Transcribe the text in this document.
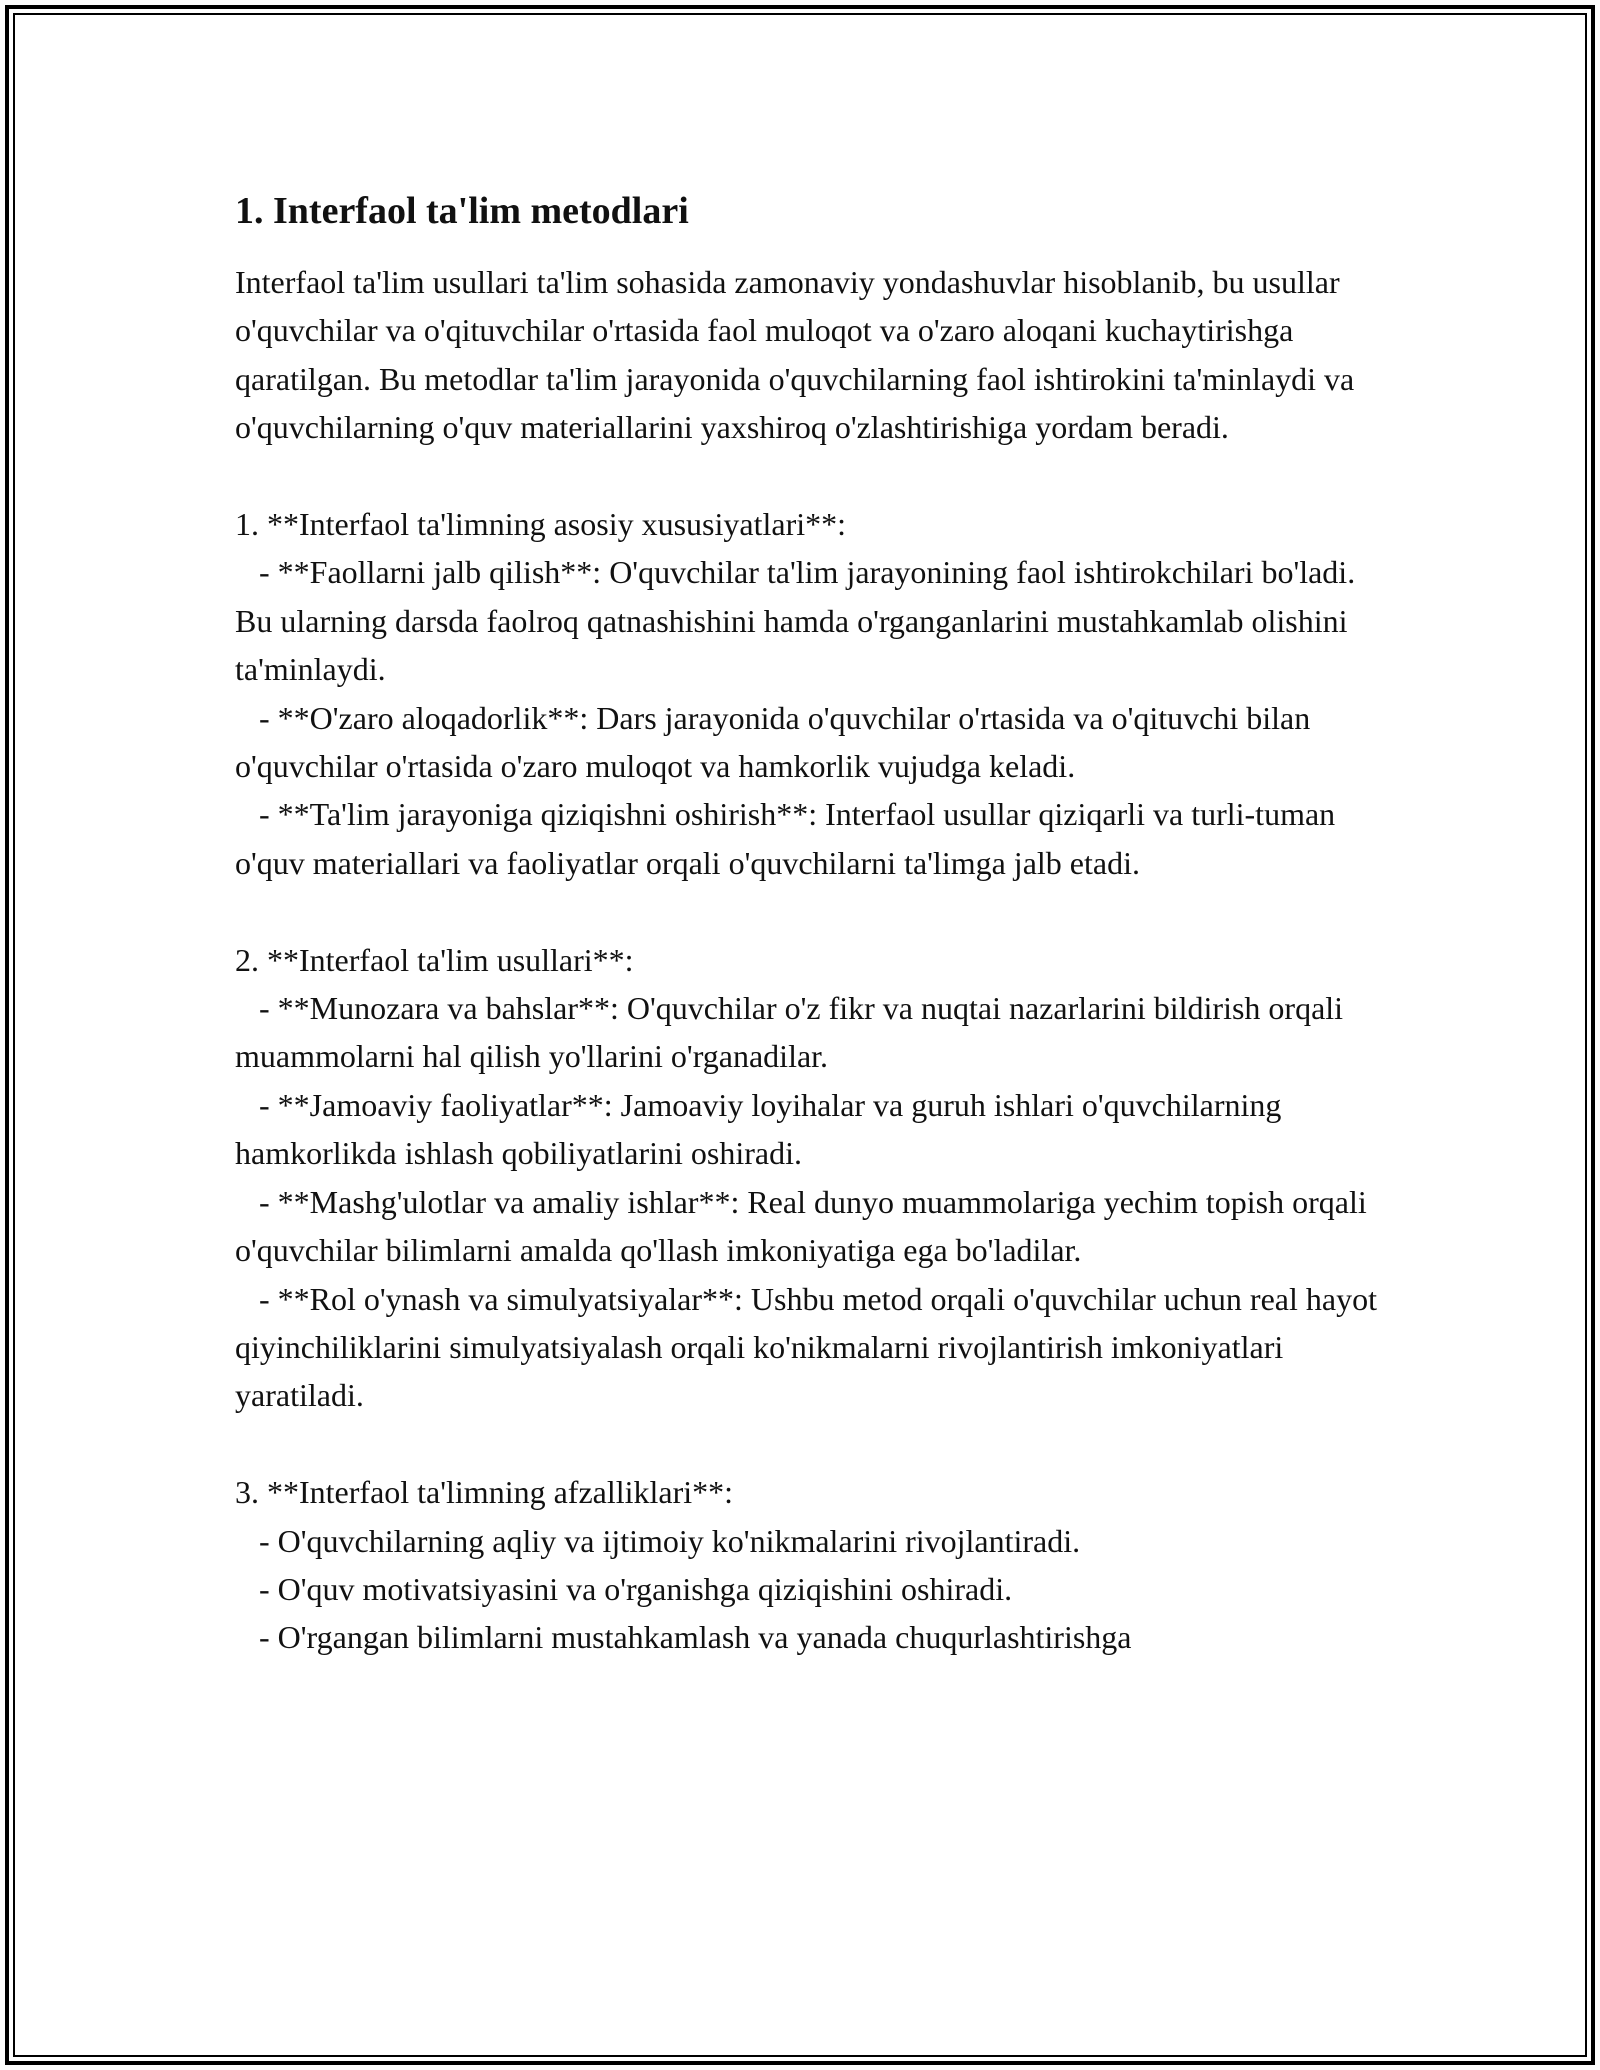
1. Interfaol ta'lim metodlari

Interfaol ta'lim usullari ta'lim sohasida zamonaviy yondashuvlar hisoblanib, bu usullar o'quvchilar va o'qituvchilar o'rtasida faol muloqot va o'zaro aloqani kuchaytirishga qaratilgan. Bu metodlar ta'lim jarayonida o'quvchilarning faol ishtirokini ta'minlaydi va o'quvchilarning o'quv materiallarini yaxshiroq o'zlashtirishiga yordam beradi.

1. **Interfaol ta'limning asosiy xususiyatlari**:

- **Faollarni jalb qilish**: O'quvchilar ta'lim jarayonining faol ishtirokchilari bo'ladi. Bu ularning darsda faolroq qatnashishini hamda o'rganganlarini mustahkamlab olishini ta'minlaydi.

- **O'zaro aloqadorlik**: Dars jarayonida o'quvchilar o'rtasida va o'qituvchi bilan o'quvchilar o'rtasida o'zaro muloqot va hamkorlik vujudga keladi.

- **Ta'lim jarayoniga qiziqishni oshirish**: Interfaol usullar qiziqarli va turli-tuman o'quv materiallari va faoliyatlar orqali o'quvchilarni ta'limga jalb etadi.

2. **Interfaol ta'lim usullari**:

- **Munozara va bahslar**: O'quvchilar o'z fikr va nuqtai nazarlarini bildirish orqali muammolarni hal qilish yo'llarini o'rganadilar.

- **Jamoaviy faoliyatlar**: Jamoaviy loyihalar va guruh ishlari o'quvchilarning hamkorlikda ishlash qobiliyatlarini oshiradi.

- **Mashg'ulotlar va amaliy ishlar**: Real dunyo muammolariga yechim topish orqali o'quvchilar bilimlarni amalda qo'llash imkoniyatiga ega bo'ladilar.

- **Rol o'ynash va simulyatsiyalar**: Ushbu metod orqali o'quvchilar uchun real hayot qiyinchiliklarini simulyatsiyalash orqali ko'nikmalarni rivojlantirish imkoniyatlari yaratiladi.

3. **Interfaol ta'limning afzalliklari**:

- O'quvchilarning aqliy va ijtimoiy ko'nikmalarini rivojlantiradi.

- O'quv motivatsiyasini va o'rganishga qiziqishini oshiradi.

- O'rgangan bilimlarni mustahkamlash va yanada chuqurlashtirishga
